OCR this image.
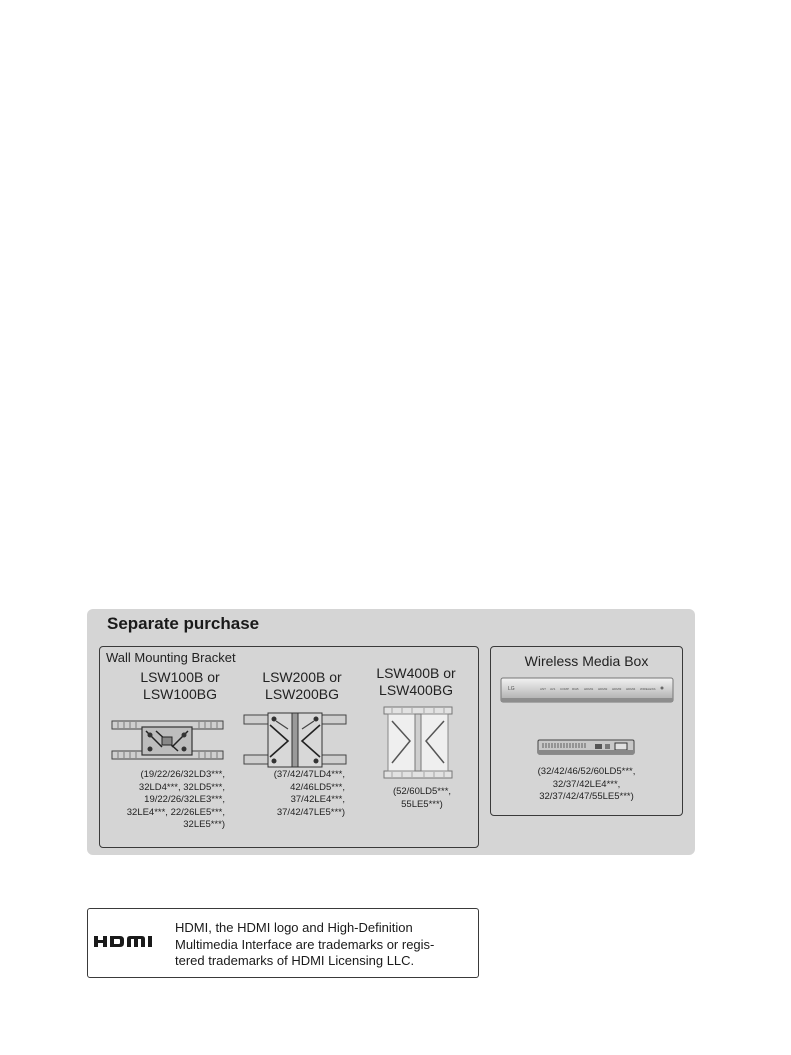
Separate purchase
Wall Mounting Bracket
LSW100B or
LSW100BG
(19/22/26/32LD3***,
32LD4***, 32LD5***,
19/22/26/32LE3***,
32LE4***, 22/26LE5***,
32LE5***)
LSW200B or
LSW200BG
(37/42/47LD4***,
42/46LD5***,
37/42LE4***,
37/42/47LE5***)
LSW400B or
LSW400BG
(52/60LD5***,
55LE5***)
Wireless Media Box
LG	ANT AV1 COMP RGB HDMI1 HDMI2 HDMI3 HDMI4 WIRELESS
(32/42/46/52/60LD5***,
32/37/42LE4***,
32/37/42/47/55LE5***)
HDMI, the HDMI logo and High-Definition
Multimedia Interface are trademarks or regis-
tered trademarks of HDMI Licensing LLC.
